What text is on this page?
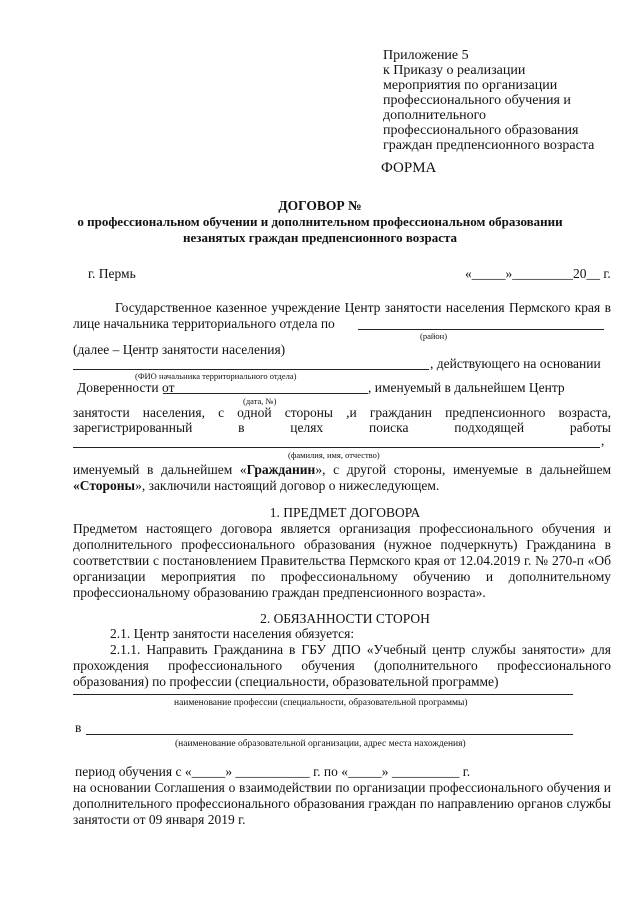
Приложение 5
к Приказу о реализации
мероприятия по организации
профессионального обучения и
дополнительного
профессионального образования
граждан предпенсионного возраста
ФОРМА
ДОГОВОР №
о профессиональном обучении и дополнительном профессиональном образовании
незанятых граждан предпенсионного возраста
г. Пермь	«_____»_________20__ г.
Государственное казенное учреждение Центр занятости населения Пермского края в
лице начальника территориального отдела по
(район)
(далее – Центр занятости населения)
, действующего на основании
(ФИО начальника территориального отдела)
Доверенности от	, именуемый в дальнейшем Центр
(дата, №)
занятости населения, с одной стороны ,и гражданин предпенсионного возраста,
зарегистрированный в целях поиска подходящей работы
,
(фамилия, имя, отчество)
именуемый в дальнейшем «Гражданин», с другой стороны, именуемые в дальнейшем
«Стороны», заключили настоящий договор о нижеследующем.
1. ПРЕДМЕТ ДОГОВОРА
Предметом настоящего договора является организация профессионального обучения и дополнительного профессионального образования (нужное подчеркнуть) Гражданина в соответствии с постановлением Правительства Пермского края от 12.04.2019 г. № 270-п «Об организации мероприятия по профессиональному обучению и дополнительному профессиональному образованию граждан предпенсионного возраста».
2. ОБЯЗАННОСТИ СТОРОН
2.1. Центр занятости населения обязуется:
2.1.1. Направить Гражданина в ГБУ ДПО «Учебный центр службы занятости» для прохождения профессионального обучения (дополнительного профессионального образования) по профессии (специальности, образовательной программе)
наименование профессии (специальности, образовательной программы)
в
(наименование образовательной организации, адрес места нахождения)
период обучения с «_____» ___________ г. по «_____» __________ г.
на основании Соглашения о взаимодействии по организации профессионального обучения и дополнительного профессионального образования граждан по направлению органов службы занятости от 09 января 2019 г.
